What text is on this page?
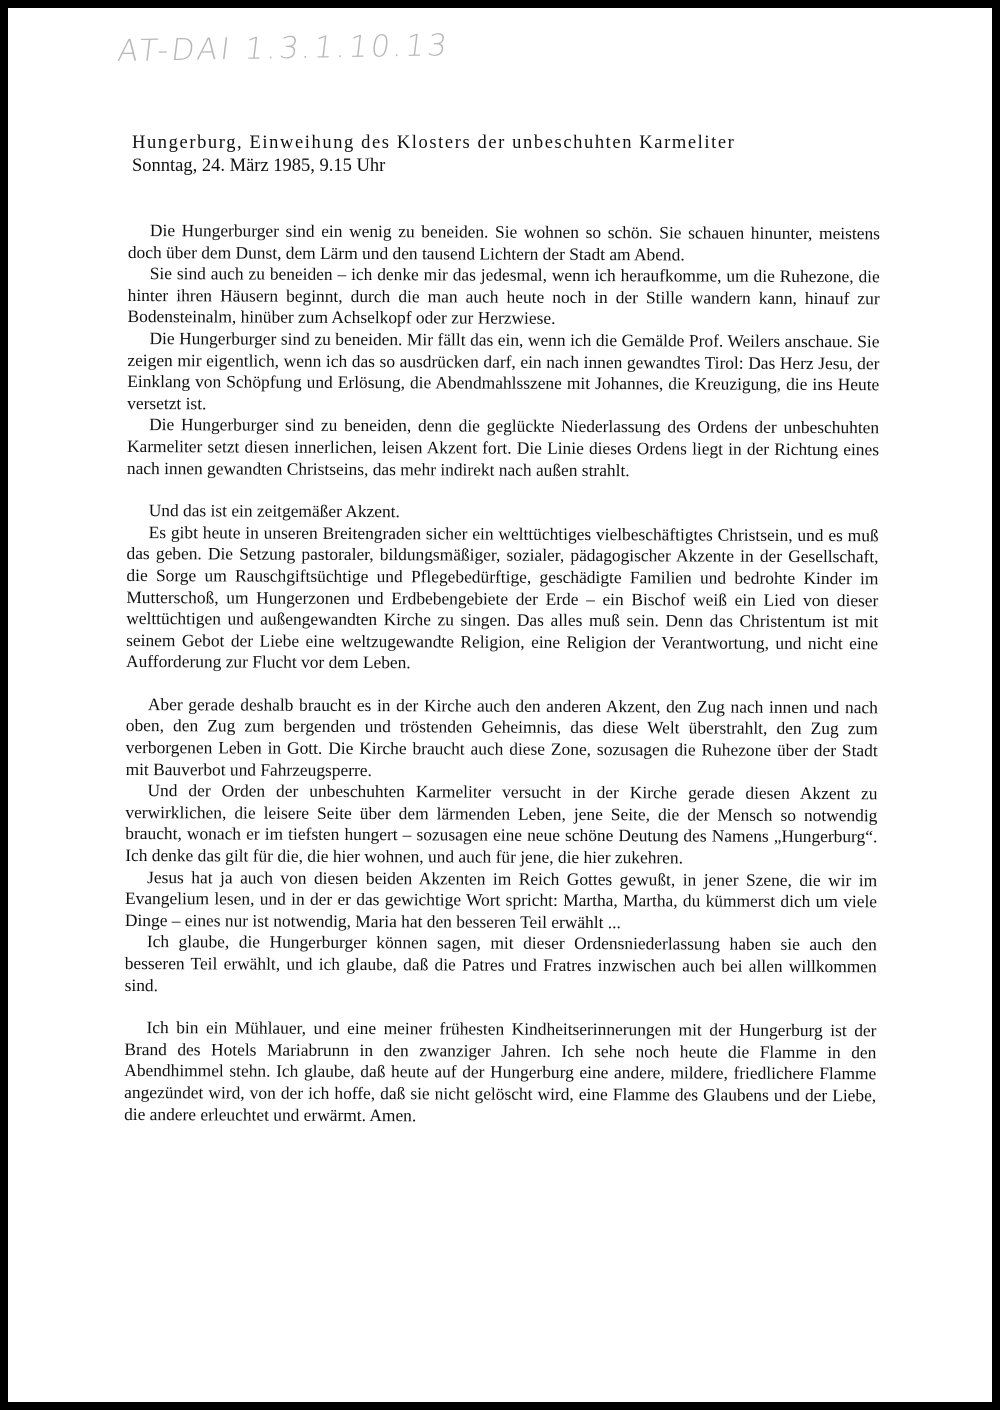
AT-DAI 1.3.1.10.13
Hungerburg, Einweihung des Klosters der unbeschuhten Karmeliter
Sonntag, 24. März 1985, 9.15 Uhr

Die Hungerburger sind ein wenig zu beneiden. Sie wohnen so schön. Sie schauen hinunter, meistens doch über dem Dunst, dem Lärm und den tausend Lichtern der Stadt am Abend.

Sie sind auch zu beneiden – ich denke mir das jedesmal, wenn ich heraufkomme, um die Ruhezone, die hinter ihren Häusern beginnt, durch die man auch heute noch in der Stille wandern kann, hinauf zur Bodensteinalm, hinüber zum Achselkopf oder zur Herzwiese.

Die Hungerburger sind zu beneiden. Mir fällt das ein, wenn ich die Gemälde Prof. Weilers anschaue. Sie zeigen mir eigentlich, wenn ich das so ausdrücken darf, ein nach innen gewandtes Tirol: Das Herz Jesu, der Einklang von Schöpfung und Erlösung, die Abendmahlsszene mit Johannes, die Kreuzigung, die ins Heute versetzt ist.

Die Hungerburger sind zu beneiden, denn die geglückte Niederlassung des Ordens der unbeschuhten Karmeliter setzt diesen innerlichen, leisen Akzent fort. Die Linie dieses Ordens liegt in der Richtung eines nach innen gewandten Christseins, das mehr indirekt nach außen strahlt.

Und das ist ein zeitgemäßer Akzent.

Es gibt heute in unseren Breitengraden sicher ein welttüchtiges vielbeschäftigtes Christsein, und es muß das geben. Die Setzung pastoraler, bildungsmäßiger, sozialer, pädagogischer Akzente in der Gesellschaft, die Sorge um Rauschgiftsüchtige und Pflegebedürftige, geschädigte Familien und bedrohte Kinder im Mutterschoß, um Hungerzonen und Erdbebengebiete der Erde – ein Bischof weiß ein Lied von dieser welttüchtigen und außengewandten Kirche zu singen. Das alles muß sein. Denn das Christentum ist mit seinem Gebot der Liebe eine weltzugewandte Religion, eine Religion der Verantwortung, und nicht eine Aufforderung zur Flucht vor dem Leben.

Aber gerade deshalb braucht es in der Kirche auch den anderen Akzent, den Zug nach innen und nach oben, den Zug zum bergenden und tröstenden Geheimnis, das diese Welt überstrahlt, den Zug zum verborgenen Leben in Gott. Die Kirche braucht auch diese Zone, sozusagen die Ruhezone über der Stadt mit Bauverbot und Fahrzeugsperre.

Und der Orden der unbeschuhten Karmeliter versucht in der Kirche gerade diesen Akzent zu verwirklichen, die leisere Seite über dem lärmenden Leben, jene Seite, die der Mensch so notwendig braucht, wonach er im tiefsten hungert – sozusagen eine neue schöne Deutung des Namens „Hungerburg“. Ich denke das gilt für die, die hier wohnen, und auch für jene, die hier zukehren.

Jesus hat ja auch von diesen beiden Akzenten im Reich Gottes gewußt, in jener Szene, die wir im Evangelium lesen, und in der er das gewichtige Wort spricht: Martha, Martha, du kümmerst dich um viele Dinge – eines nur ist notwendig, Maria hat den besseren Teil erwählt ...

Ich glaube, die Hungerburger können sagen, mit dieser Ordensniederlassung haben sie auch den besseren Teil erwählt, und ich glaube, daß die Patres und Fratres inzwischen auch bei allen willkommen sind.

Ich bin ein Mühlauer, und eine meiner frühesten Kindheitserinnerungen mit der Hungerburg ist der Brand des Hotels Mariabrunn in den zwanziger Jahren. Ich sehe noch heute die Flamme in den Abendhimmel stehn. Ich glaube, daß heute auf der Hungerburg eine andere, mildere, friedlichere Flamme angezündet wird, von der ich hoffe, daß sie nicht gelöscht wird, eine Flamme des Glaubens und der Liebe, die andere erleuchtet und erwärmt. Amen.
